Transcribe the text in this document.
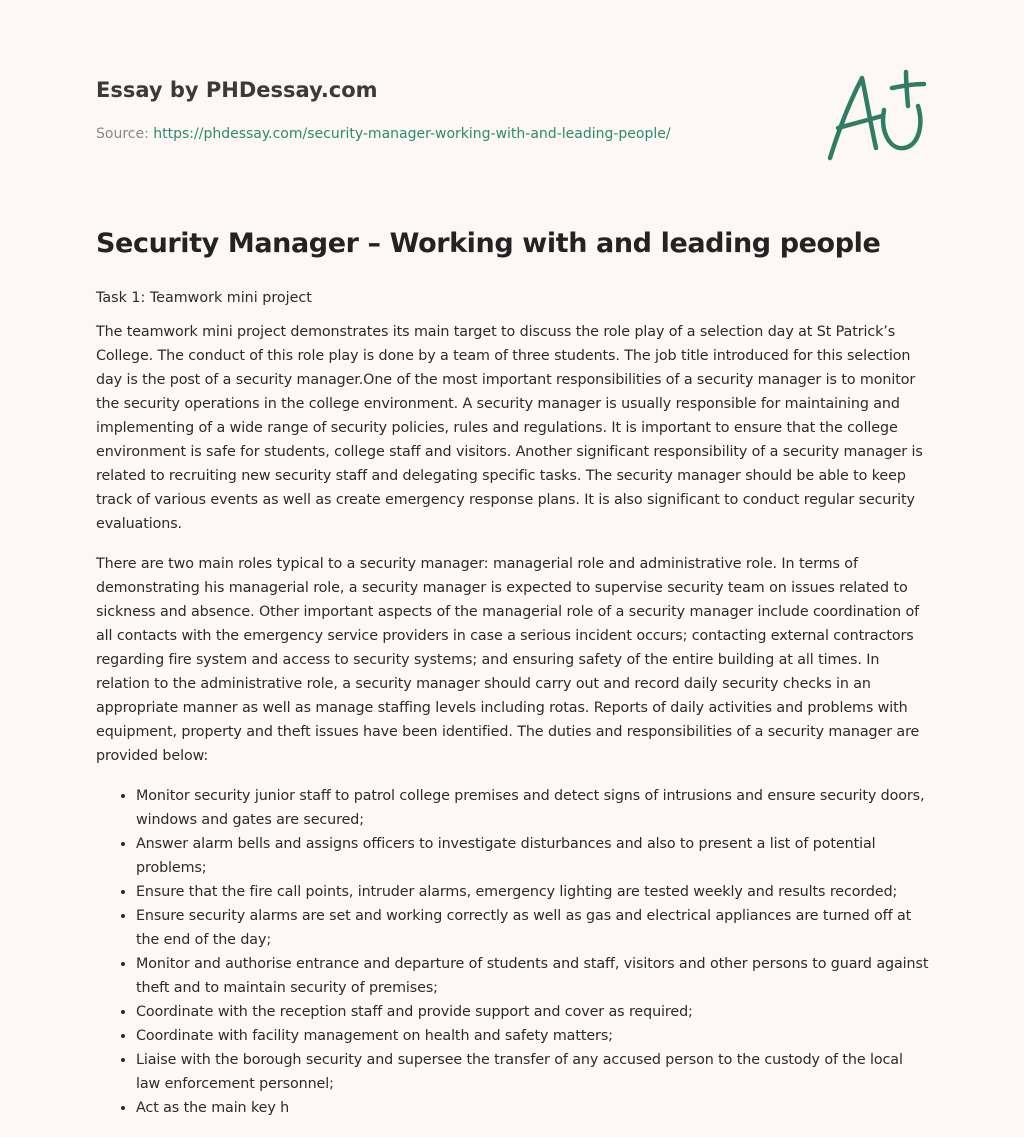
Essay by PHDessay.com
Source: https://phdessay.com/security-manager-working-with-and-leading-people/
Security Manager – Working with and leading people

Task 1: Teamwork mini project

The teamwork mini project demonstrates its main target to discuss the role play of a selection day at St Patrick’s College. The conduct of this role play is done by a team of three students. The job title introduced for this selection day is the post of a security manager.One of the most important responsibilities of a security manager is to monitor the security operations in the college environment. A security manager is usually responsible for maintaining and implementing of a wide range of security policies, rules and regulations. It is important to ensure that the college environment is safe for students, college staff and visitors. Another significant responsibility of a security manager is related to recruiting new security staff and delegating specific tasks. The security manager should be able to keep track of various events as well as create emergency response plans. It is also significant to conduct regular security evaluations.

There are two main roles typical to a security manager: managerial role and administrative role. In terms of demonstrating his managerial role, a security manager is expected to supervise security team on issues related to sickness and absence. Other important aspects of the managerial role of a security manager include coordination of all contacts with the emergency service providers in case a serious incident occurs; contacting external contractors regarding fire system and access to security systems; and ensuring safety of the entire building at all times. In relation to the administrative role, a security manager should carry out and record daily security checks in an appropriate manner as well as manage staffing levels including rotas. Reports of daily activities and problems with equipment, property and theft issues have been identified. The duties and responsibilities of a security manager are provided below:

• Monitor security junior staff to patrol college premises and detect signs of intrusions and ensure security doors, windows and gates are secured;
• Answer alarm bells and assigns officers to investigate disturbances and also to present a list of potential problems;
• Ensure that the fire call points, intruder alarms, emergency lighting are tested weekly and results recorded;
• Ensure security alarms are set and working correctly as well as gas and electrical appliances are turned off at the end of the day;
• Monitor and authorise entrance and departure of students and staff, visitors and other persons to guard against theft and to maintain security of premises;
• Coordinate with the reception staff and provide support and cover as required;
• Coordinate with facility management on health and safety matters;
• Liaise with the borough security and supersee the transfer of any accused person to the custody of the local law enforcement personnel;
• Act as the main key h
